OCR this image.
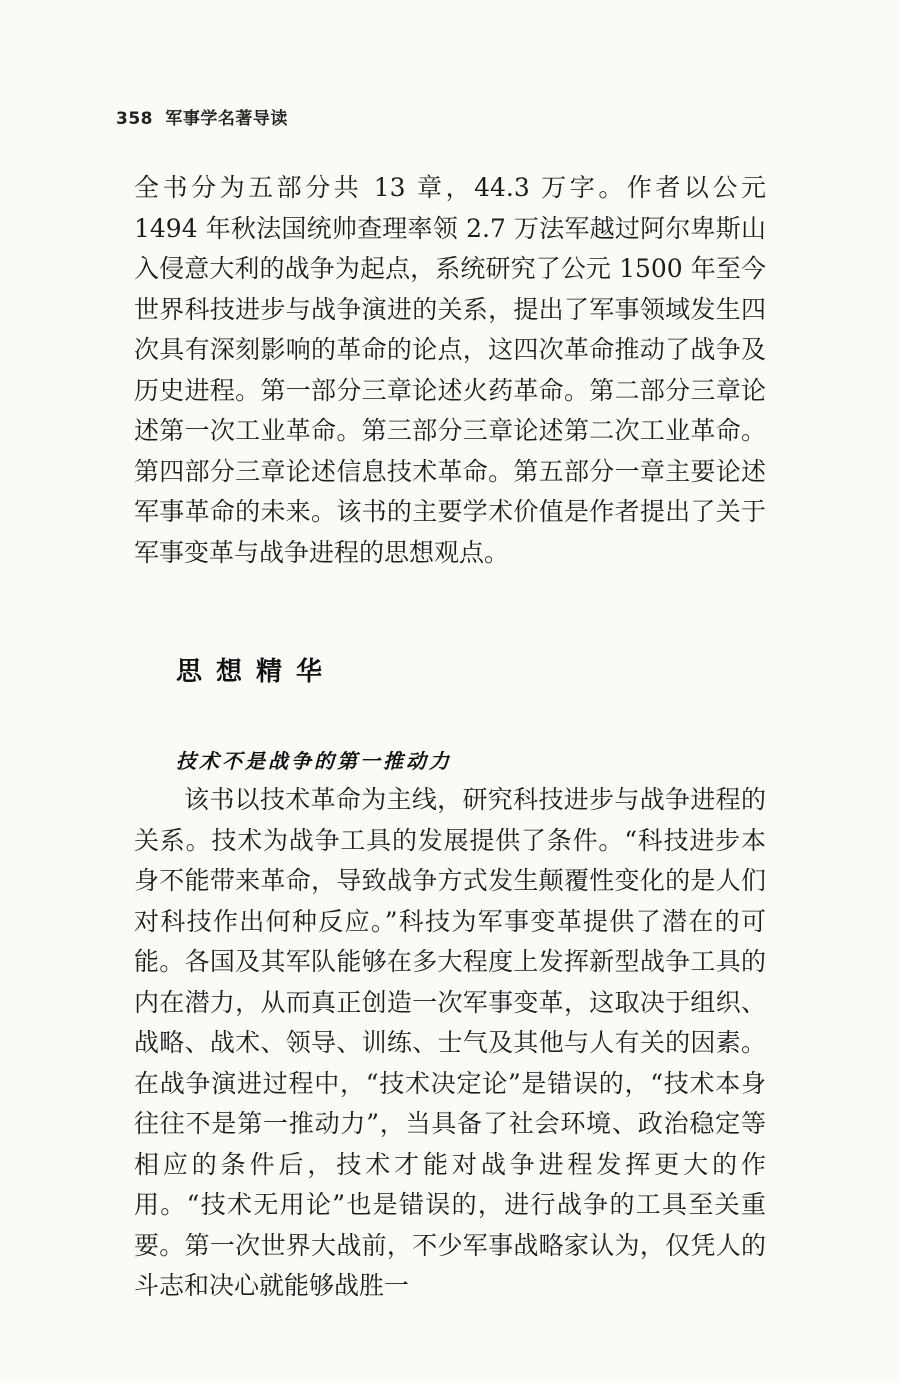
358 军事学名著导读

全书分为五部分共 13 章，44.3 万字。作者以公元 1494 年秋法国统帅查理率领 2.7 万法军越过阿尔卑斯山入侵意大利的战争为起点，系统研究了公元 1500 年至今世界科技进步与战争演进的关系，提出了军事领域发生四次具有深刻影响的革命的论点，这四次革命推动了战争及历史进程。第一部分三章论述火药革命。第二部分三章论述第一次工业革命。第三部分三章论述第二次工业革命。第四部分三章论述信息技术革命。第五部分一章主要论述军事革命的未来。该书的主要学术价值是作者提出了关于军事变革与战争进程的思想观点。

思想精华
技术不是战争的第一推动力

该书以技术革命为主线，研究科技进步与战争进程的关系。技术为战争工具的发展提供了条件。“科技进步本身不能带来革命，导致战争方式发生颠覆性变化的是人们对科技作出何种反应。”科技为军事变革提供了潜在的可能。各国及其军队能够在多大程度上发挥新型战争工具的内在潜力，从而真正创造一次军事变革，这取决于组织、战略、战术、领导、训练、士气及其他与人有关的因素。在战争演进过程中，“技术决定论”是错误的，“技术本身往往不是第一推动力”，当具备了社会环境、政治稳定等相应的条件后，技术才能对战争进程发挥更大的作用。“技术无用论”也是错误的，进行战争的工具至关重要。第一次世界大战前，不少军事战略家认为，仅凭人的斗志和决心就能够战胜一
